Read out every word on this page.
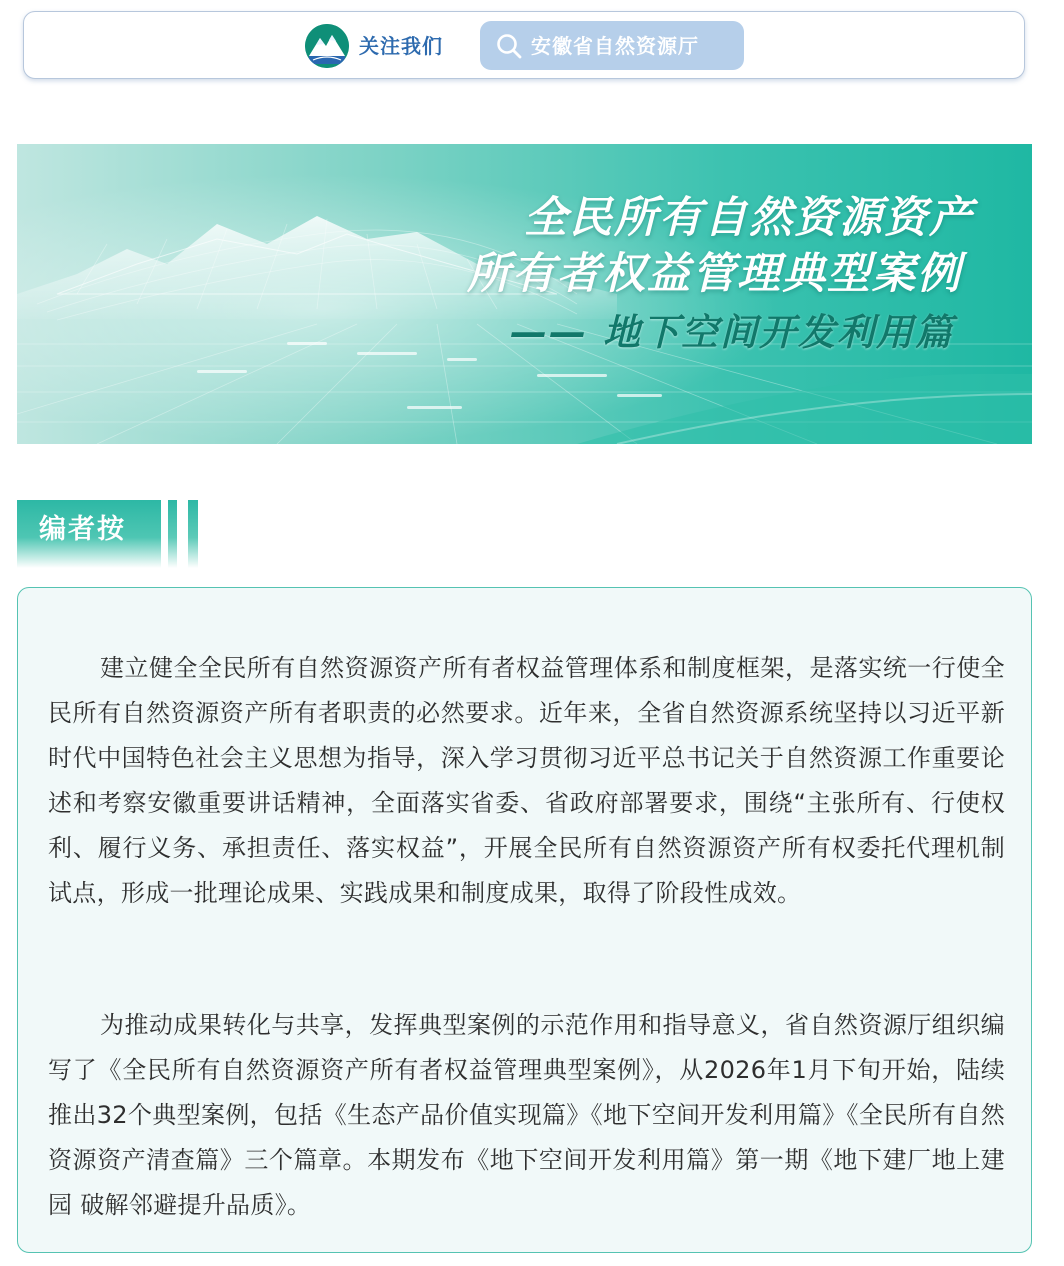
关注我们	安徽省自然资源厅
全民所有自然资源资产
所有者权益管理典型案例
—— 地下空间开发利用篇
编者按

建立健全全民所有自然资源资产所有者权益管理体系和制度框架，是落实统一行使全民所有自然资源资产所有者职责的必然要求。近年来，全省自然资源系统坚持以习近平新时代中国特色社会主义思想为指导，深入学习贯彻习近平总书记关于自然资源工作重要论述和考察安徽重要讲话精神，全面落实省委、省政府部署要求，围绕“主张所有、行使权利、履行义务、承担责任、落实权益”，开展全民所有自然资源资产所有权委托代理机制试点，形成一批理论成果、实践成果和制度成果，取得了阶段性成效。

为推动成果转化与共享，发挥典型案例的示范作用和指导意义，省自然资源厅组织编写了《全民所有自然资源资产所有者权益管理典型案例》，从2026年1月下旬开始，陆续推出32个典型案例，包括《生态产品价值实现篇》《地下空间开发利用篇》《全民所有自然资源资产清查篇》三个篇章。本期发布《地下空间开发利用篇》第一期《地下建厂地上建园 破解邻避提升品质》。
